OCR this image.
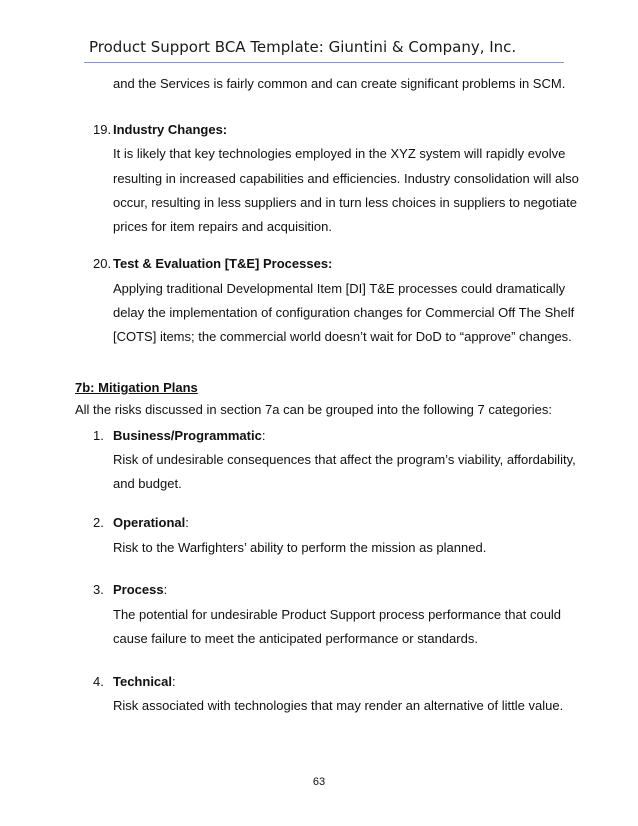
Product Support BCA Template: Giuntini & Company, Inc.
and the Services is fairly common and can create significant problems in SCM.
19. Industry Changes:
It is likely that key technologies employed in the XYZ system will rapidly evolve
resulting in increased capabilities and efficiencies. Industry consolidation will also
occur, resulting in less suppliers and in turn less choices in suppliers to negotiate
prices for item repairs and acquisition.
20. Test & Evaluation [T&E] Processes:
Applying traditional Developmental Item [DI] T&E processes could dramatically
delay the implementation of configuration changes for Commercial Off The Shelf
[COTS] items; the commercial world doesn’t wait for DoD to “approve” changes.
7b: Mitigation Plans
All the risks discussed in section 7a can be grouped into the following 7 categories:
1. Business/Programmatic:
Risk of undesirable consequences that affect the program’s viability, affordability,
and budget.
2. Operational:
Risk to the Warfighters’ ability to perform the mission as planned.
3. Process:
The potential for undesirable Product Support process performance that could
cause failure to meet the anticipated performance or standards.
4. Technical:
Risk associated with technologies that may render an alternative of little value.
63
